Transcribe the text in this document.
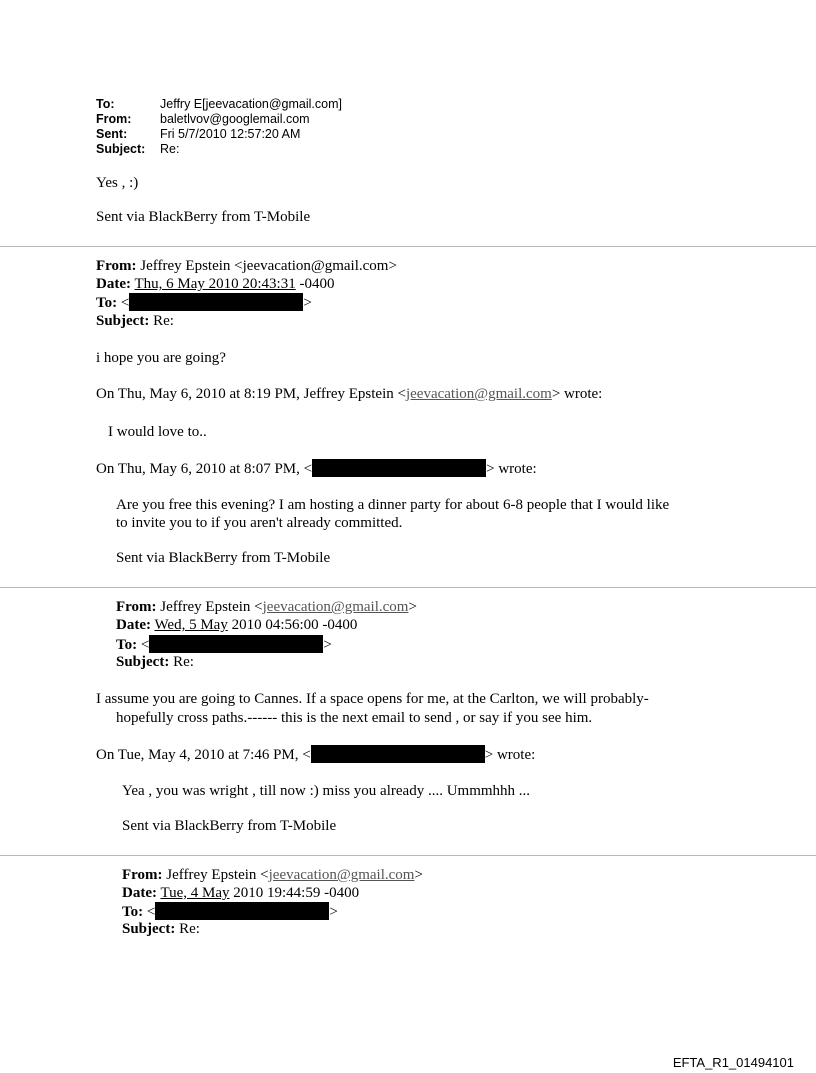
To:	Jeffry E[jeevacation@gmail.com]
From:	baletlvov@googlemail.com
Sent:	Fri 5/7/2010 12:57:20 AM
Subject:	Re:
Yes , :)
Sent via BlackBerry from T-Mobile
From: Jeffrey Epstein <jeevacation@gmail.com>
Date: Thu, 6 May 2010 20:43:31 -0400
To: <	>
Subject: Re:
i hope you are going?
On Thu, May 6, 2010 at 8:19 PM, Jeffrey Epstein <jeevacation@gmail.com> wrote:
I would love to..
On Thu, May 6, 2010 at 8:07 PM, <	> wrote:
Are you free this evening? I am hosting a dinner party for about 6-8 people that I would like
to invite you to if you aren't already committed.
Sent via BlackBerry from T-Mobile
From: Jeffrey Epstein <jeevacation@gmail.com>
Date: Wed, 5 May 2010 04:56:00 -0400
To: <	>
Subject: Re:
I assume you are going to Cannes. If a space opens for me, at the Carlton, we will probably-
hopefully cross paths.------ this is the next email to send , or say if you see him.
On Tue, May 4, 2010 at 7:46 PM, <	> wrote:
Yea , you was wright , till now :) miss you already .... Ummmhhh ...
Sent via BlackBerry from T-Mobile
From: Jeffrey Epstein <jeevacation@gmail.com>
Date: Tue, 4 May 2010 19:44:59 -0400
To: <	>
Subject: Re:
EFTA_R1_01494101
